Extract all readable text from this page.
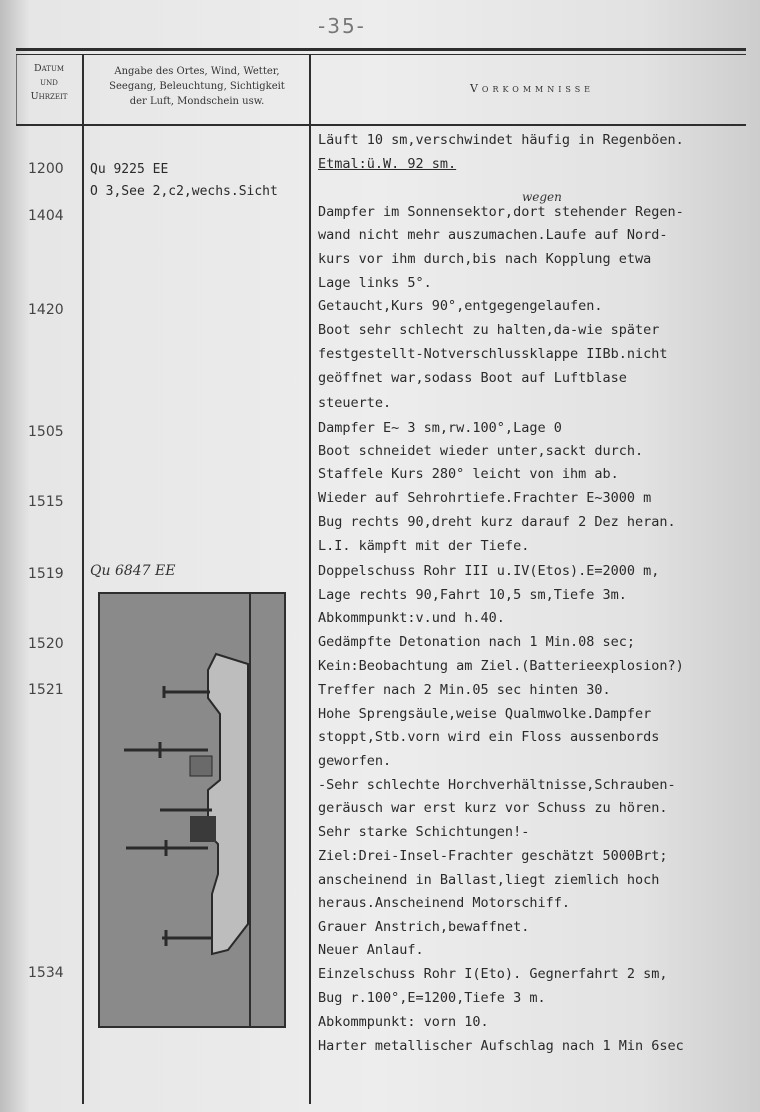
-35-
Datum
und
Uhrzeit
Angabe des Ortes, Wind, Wetter,
Seegang, Beleuchtung, Sichtigkeit
der Luft, Mondschein usw.
Vorkommnisse
1200
1404
1420
1505
1515
1519
1520
1521
1534
Qu 9225 EE
O 3,See 2,c2,wechs.Sicht
Qu 6847 EE
wegen
Läuft 10 sm,verschwindet häufig in Regenböen.
Etmal:ü.W. 92 sm.
Dampfer im Sonnensektor,dort stehender Regen-
wand nicht mehr auszumachen.Laufe auf Nord-
kurs vor ihm durch,bis nach Kopplung etwa
Lage links 5°.
Getaucht,Kurs 90°,entgegengelaufen.
Boot sehr schlecht zu halten,da-wie später
festgestellt-Notverschlussklappe IIBb.nicht
geöffnet war,sodass Boot auf Luftblase
steuerte.
Dampfer E~ 3 sm,rw.100°,Lage 0
Boot schneidet wieder unter,sackt durch.
Staffele Kurs 280° leicht von ihm ab.
Wieder auf Sehrohrtiefe.Frachter E~3000 m
Bug rechts 90,dreht kurz darauf 2 Dez heran.
L.I. kämpft mit der Tiefe.
Doppelschuss Rohr III u.IV(Etos).E=2000 m,
Lage rechts 90,Fahrt 10,5 sm,Tiefe 3m.
Abkommpunkt:v.und h.40.
Gedämpfte Detonation nach 1 Min.08 sec;
Kein:Beobachtung am Ziel.(Batterieexplosion?)
Treffer nach 2 Min.05 sec hinten 30.
Hohe Sprengsäule,weise Qualmwolke.Dampfer
stoppt,Stb.vorn wird ein Floss aussenbords
geworfen.
-Sehr schlechte Horchverhältnisse,Schrauben-
geräusch war erst kurz vor Schuss zu hören.
Sehr starke Schichtungen!-
Ziel:Drei-Insel-Frachter geschätzt 5000Brt;
anscheinend in Ballast,liegt ziemlich hoch
heraus.Anscheinend Motorschiff.
Grauer Anstrich,bewaffnet.
Neuer Anlauf.
Einzelschuss Rohr I(Eto). Gegnerfahrt 2 sm,
Bug r.100°,E=1200,Tiefe 3 m.
Abkommpunkt: vorn 10.
Harter metallischer Aufschlag nach 1 Min 6sec
